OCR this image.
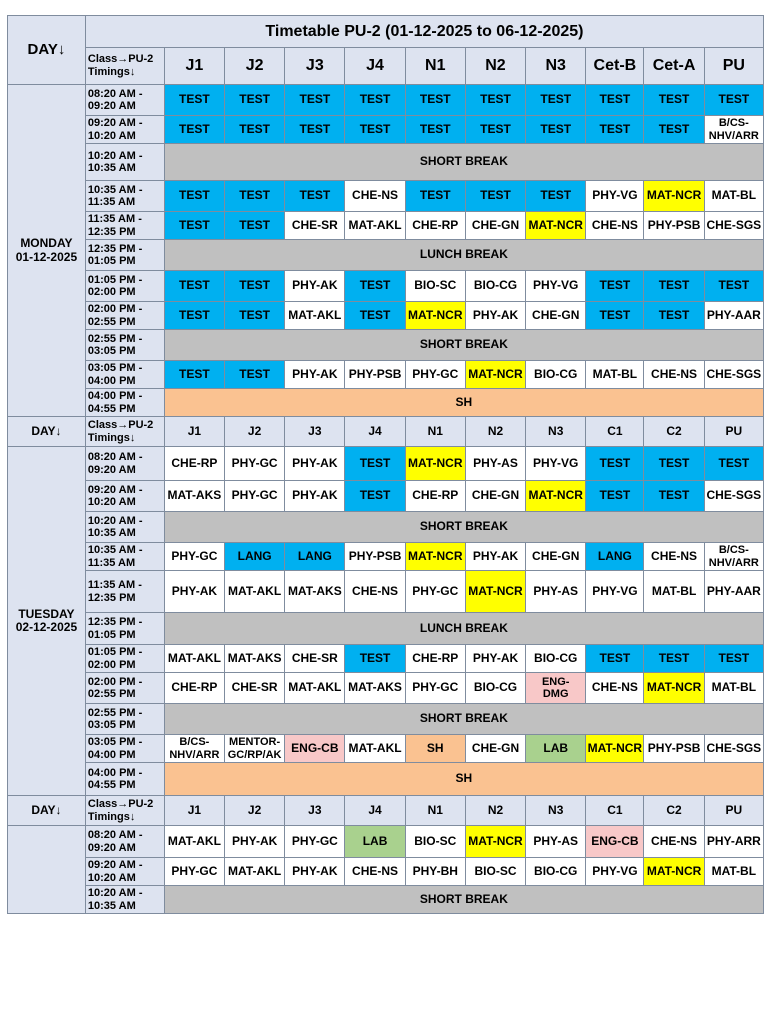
DAY↓	Timetable PU-2 (01-12-2025 to 06-12-2025)										
	Class→PU-2
Timings↓	J1	J2	J3	J4	N1	N2	N3	Cet-B	Cet-A	PU
MONDAY
01-12-2025	08:20 AM -
09:20 AM	TEST	TEST	TEST	TEST	TEST	TEST	TEST	TEST	TEST	TEST
	09:20 AM -
10:20 AM	TEST	TEST	TEST	TEST	TEST	TEST	TEST	TEST	TEST	B/CS-
NHV/ARR
	10:20 AM -
10:35 AM	SHORT BREAK									
	10:35 AM -
11:35 AM	TEST	TEST	TEST	CHE-NS	TEST	TEST	TEST	PHY-VG	MAT-NCR	MAT-BL
	11:35 AM -
12:35 PM	TEST	TEST	CHE-SR	MAT-AKL	CHE-RP	CHE-GN	MAT-NCR	CHE-NS	PHY-PSB	CHE-SGS
	12:35 PM -
01:05 PM	LUNCH BREAK									
	01:05 PM -
02:00 PM	TEST	TEST	PHY-AK	TEST	BIO-SC	BIO-CG	PHY-VG	TEST	TEST	TEST
	02:00 PM -
02:55 PM	TEST	TEST	MAT-AKL	TEST	MAT-NCR	PHY-AK	CHE-GN	TEST	TEST	PHY-AAR
	02:55 PM -
03:05 PM	SHORT BREAK									
	03:05 PM -
04:00 PM	TEST	TEST	PHY-AK	PHY-PSB	PHY-GC	MAT-NCR	BIO-CG	MAT-BL	CHE-NS	CHE-SGS
	04:00 PM -
04:55 PM	SH									
DAY↓	Class→PU-2
Timings↓	J1	J2	J3	J4	N1	N2	N3	C1	C2	PU
TUESDAY
02-12-2025	08:20 AM -
09:20 AM	CHE-RP	PHY-GC	PHY-AK	TEST	MAT-NCR	PHY-AS	PHY-VG	TEST	TEST	TEST
	09:20 AM -
10:20 AM	MAT-AKS	PHY-GC	PHY-AK	TEST	CHE-RP	CHE-GN	MAT-NCR	TEST	TEST	CHE-SGS
	10:20 AM -
10:35 AM	SHORT BREAK									
	10:35 AM -
11:35 AM	PHY-GC	LANG	LANG	PHY-PSB	MAT-NCR	PHY-AK	CHE-GN	LANG	CHE-NS	B/CS-
NHV/ARR
	11:35 AM -
12:35 PM	PHY-AK	MAT-AKL	MAT-AKS	CHE-NS	PHY-GC	MAT-NCR	PHY-AS	PHY-VG	MAT-BL	PHY-AAR
	12:35 PM -
01:05 PM	LUNCH BREAK									
	01:05 PM -
02:00 PM	MAT-AKL	MAT-AKS	CHE-SR	TEST	CHE-RP	PHY-AK	BIO-CG	TEST	TEST	TEST
	02:00 PM -
02:55 PM	CHE-RP	CHE-SR	MAT-AKL	MAT-AKS	PHY-GC	BIO-CG	ENG-
DMG	CHE-NS	MAT-NCR	MAT-BL
	02:55 PM -
03:05 PM	SHORT BREAK									
	03:05 PM -
04:00 PM	B/CS-
NHV/ARR	MENTOR-
GC/RP/AK	ENG-CB	MAT-AKL	SH	CHE-GN	LAB	MAT-NCR	PHY-PSB	CHE-SGS
	04:00 PM -
04:55 PM	SH									
DAY↓	Class→PU-2
Timings↓	J1	J2	J3	J4	N1	N2	N3	C1	C2	PU
	08:20 AM -
09:20 AM	MAT-AKL	PHY-AK	PHY-GC	LAB	BIO-SC	MAT-NCR	PHY-AS	ENG-CB	CHE-NS	PHY-ARR
	09:20 AM -
10:20 AM	PHY-GC	MAT-AKL	PHY-AK	CHE-NS	PHY-BH	BIO-SC	BIO-CG	PHY-VG	MAT-NCR	MAT-BL
	10:20 AM -
10:35 AM	SHORT BREAK									
